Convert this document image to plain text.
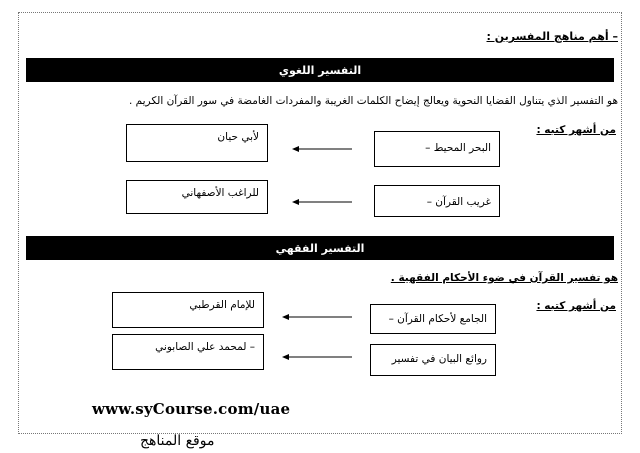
– أهم مناهج المفسرين :
التفسير اللغوي
هو التفسير الذي يتناول القضايا النحوية ويعالج إيضاح الكلمات الغريبة والمفردات الغامضة في سور القرآن الكريم .
من أشهر كتبه :
البحر المحيط –
لأبي حيان
غريب القرآن –
للراغب الأصفهاني
التفسير الفقهي
هو تفسير القرآن في ضوء الأحكام الفقهية .
من أشهر كتبه :
الجامع لأحكام القرآن –
للإمام القرطبي
روائع البيان في تفسير
– لمحمد علي الصابوني
www.syCourse.com/uae
موقع المناهج
